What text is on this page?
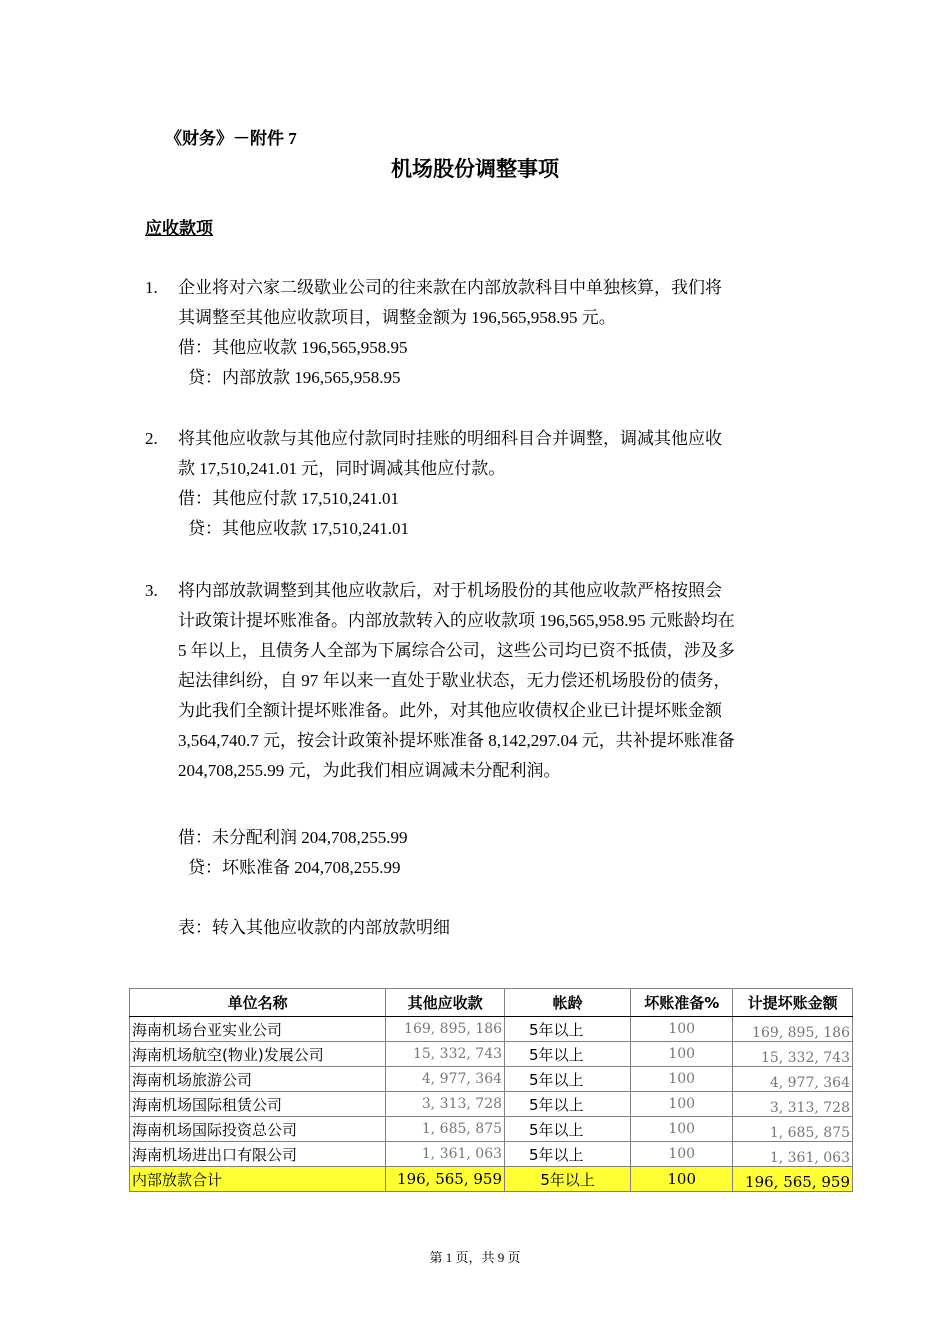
《财务》－附件 7
机场股份调整事项
应收款项
1. 企业将对六家二级歇业公司的往来款在内部放款科目中单独核算，我们将
其调整至其他应收款项目，调整金额为 196,565,958.95 元。
借：其他应收款 196,565,958.95
贷：内部放款 196,565,958.95
2. 将其他应收款与其他应付款同时挂账的明细科目合并调整，调减其他应收
款 17,510,241.01 元，同时调减其他应付款。
借：其他应付款 17,510,241.01
贷：其他应收款 17,510,241.01
3. 将内部放款调整到其他应收款后，对于机场股份的其他应收款严格按照会
计政策计提坏账准备。内部放款转入的应收款项 196,565,958.95 元账龄均在
5 年以上，且债务人全部为下属综合公司，这些公司均已资不抵债，涉及多
起法律纠纷，自 97 年以来一直处于歇业状态，无力偿还机场股份的债务，
为此我们全额计提坏账准备。此外，对其他应收债权企业已计提坏账金额
3,564,740.7 元，按会计政策补提坏账准备 8,142,297.04 元，共补提坏账准备
204,708,255.99 元，为此我们相应调减未分配利润。
借：未分配利润 204,708,255.99
贷：坏账准备 204,708,255.99
表：转入其他应收款的内部放款明细
单位名称	其他应收款	帐龄	坏账准备%	计提坏账金额
海南机场台亚实业公司	169, 895, 186	5年以上	100	169, 895, 186
海南机场航空(物业)发展公司	15, 332, 743	5年以上	100	15, 332, 743
海南机场旅游公司	4, 977, 364	5年以上	100	4, 977, 364
海南机场国际租赁公司	3, 313, 728	5年以上	100	3, 313, 728
海南机场国际投资总公司	1, 685, 875	5年以上	100	1, 685, 875
海南机场进出口有限公司	1, 361, 063	5年以上	100	1, 361, 063
内部放款合计	196, 565, 959	5年以上	100	196, 565, 959
第 1 页，共 9 页
